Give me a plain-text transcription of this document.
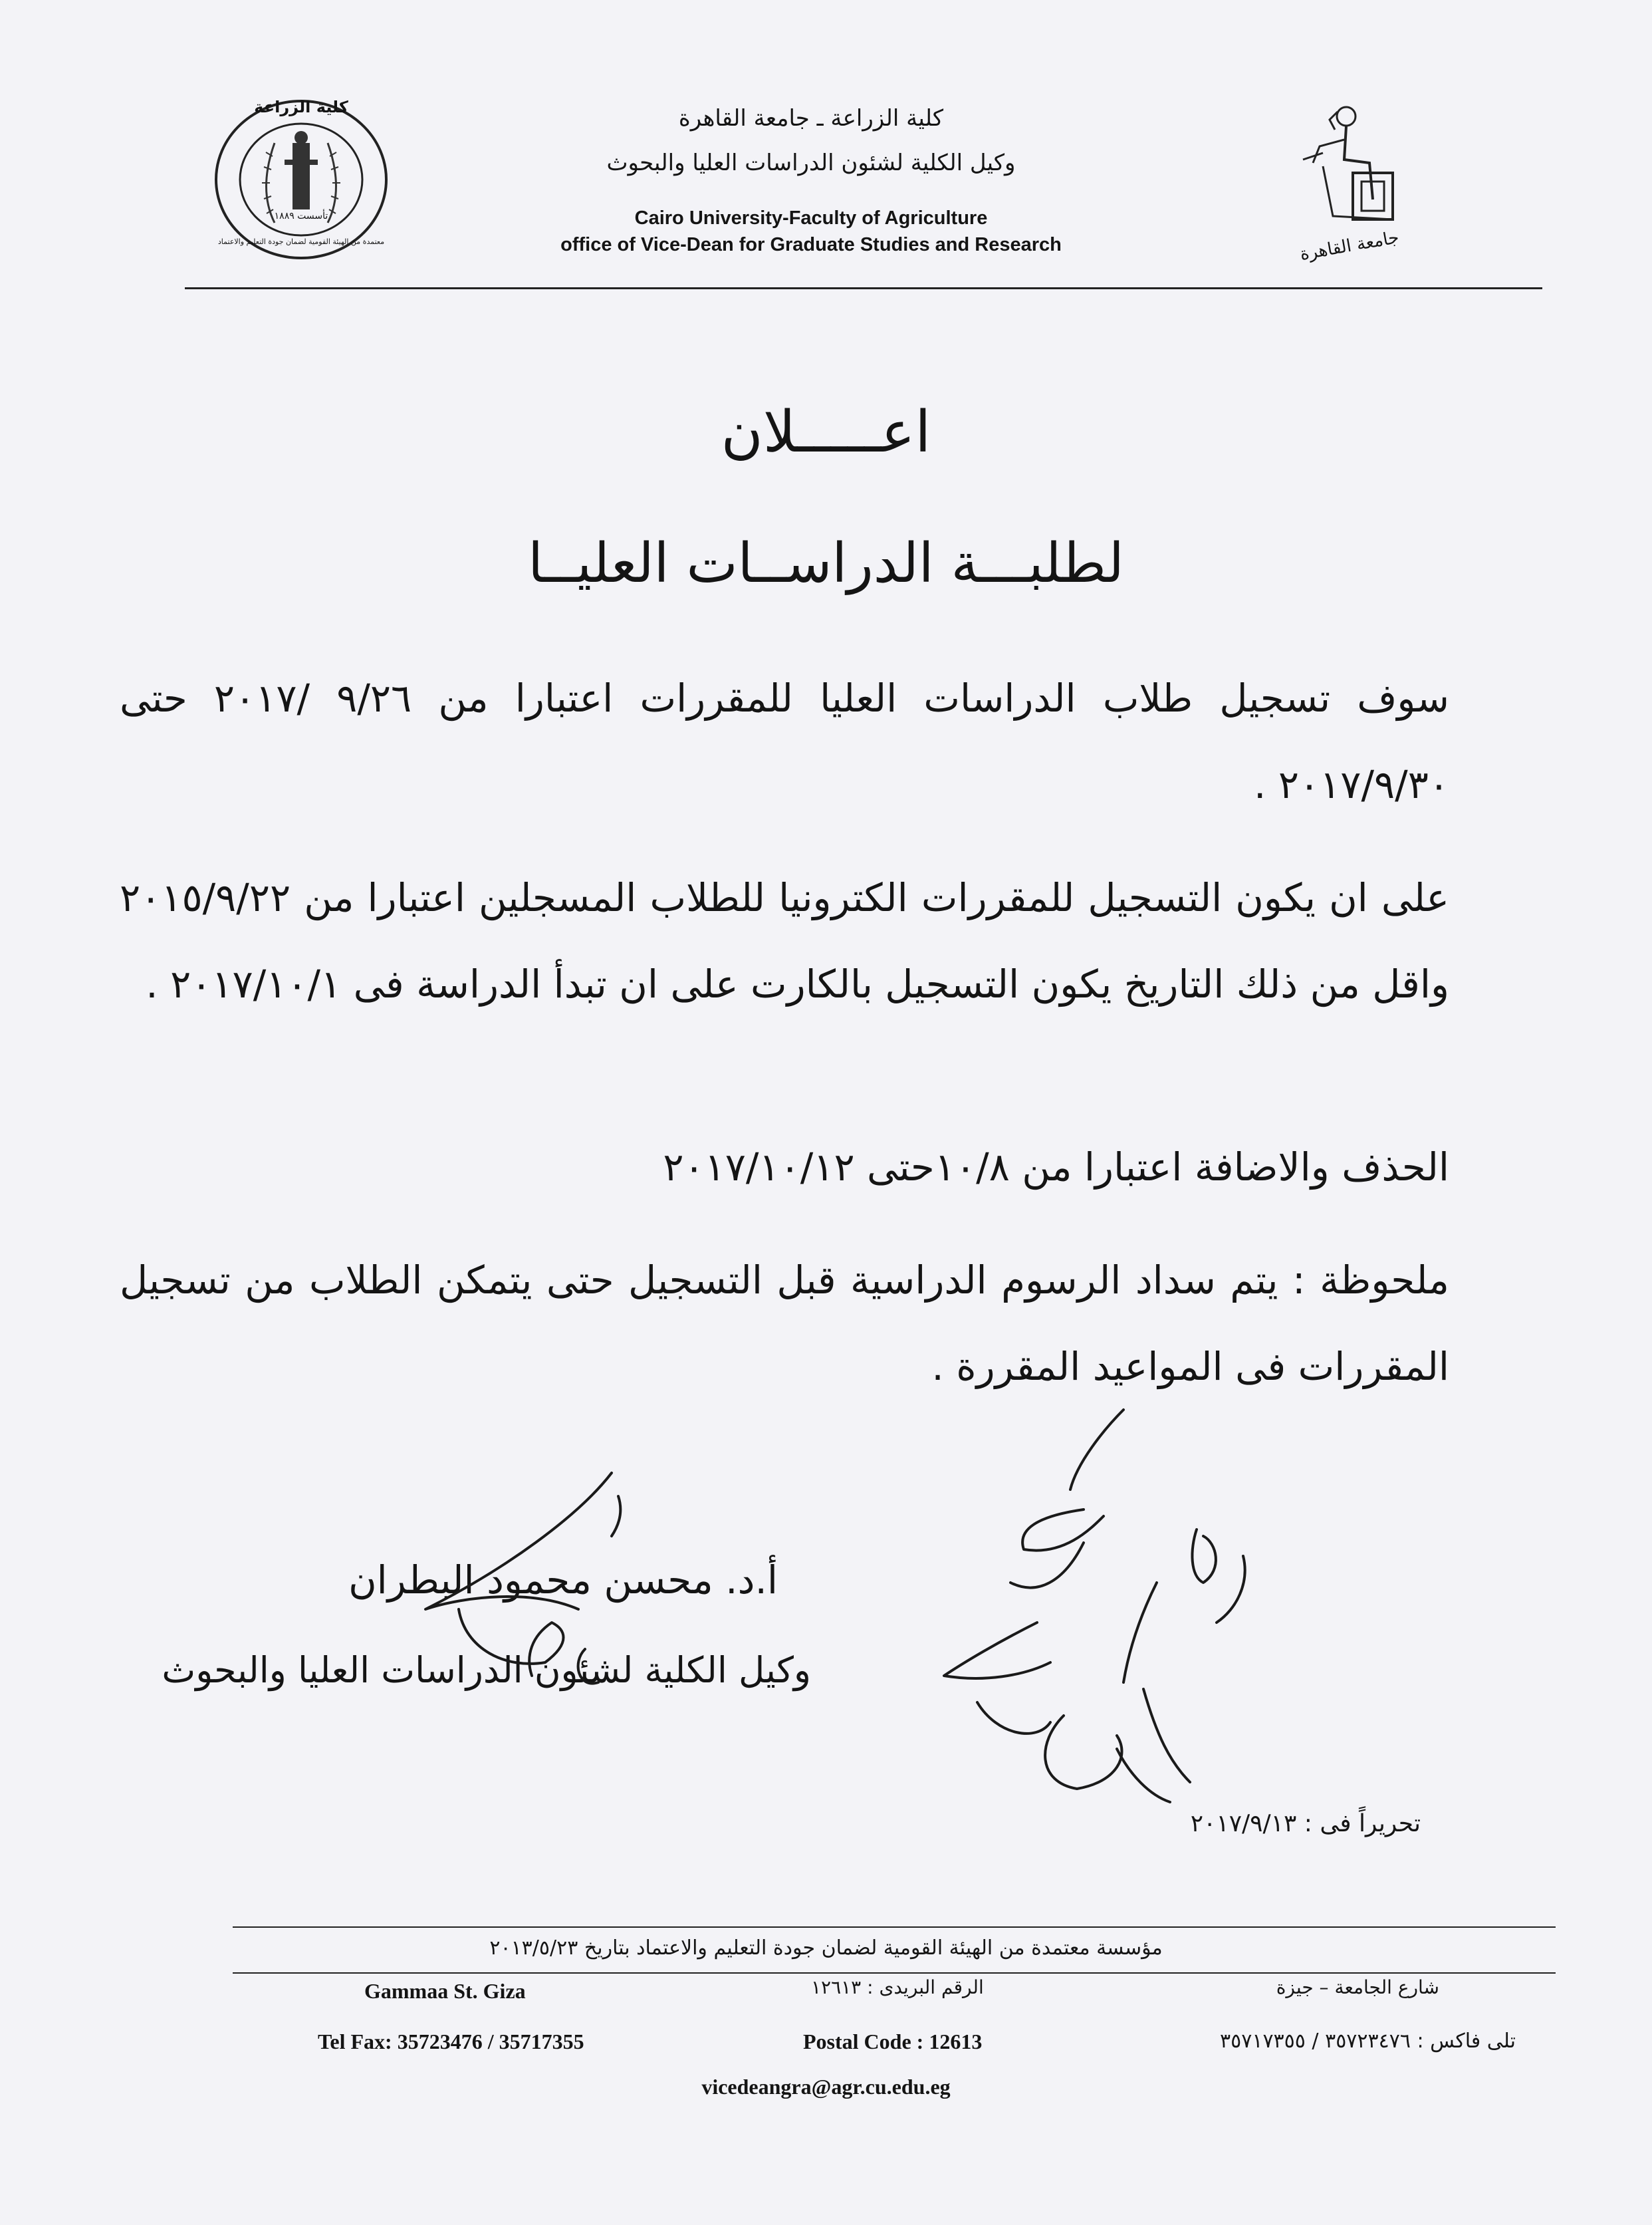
كلية الزراعة
تأسست ١٨٨٩
معتمدة من الهيئة القومية لضمان جودة التعليم والاعتماد
كلية الزراعة ـ جامعة القاهرة
وكيل الكلية لشئون الدراسات العليا والبحوث
Cairo University-Faculty of Agriculture
office of Vice-Dean for Graduate Studies and Research	جامعة القاهرة
اعـــــلان
لطلبـــة الدراســات العليــا
سوف تسجيل طلاب الدراسات العليا للمقررات اعتبارا من ٩/٢٦ /٢٠١٧ حتى ٢٠١٧/٩/٣٠ .
على ان يكون التسجيل للمقررات الكترونيا للطلاب المسجلين اعتبارا من ٢٠١٥/٩/٢٢ واقل من ذلك التاريخ يكون التسجيل بالكارت على ان تبدأ الدراسة فى ٢٠١٧/١٠/١ .
الحذف والاضافة اعتبارا من ١٠/٨حتى ٢٠١٧/١٠/١٢
ملحوظة : يتم سداد الرسوم الدراسية قبل التسجيل حتى يتمكن الطلاب من تسجيل المقررات فى المواعيد المقررة .
أ.د. محسن محمود البطران
وكيل الكلية لشئون الدراسات العليا والبحوث
تحريراً فى : ٢٠١٧/٩/١٣
مؤسسة معتمدة من الهيئة القومية لضمان جودة التعليم والاعتماد بتاريخ ٢٠١٣/٥/٢٣
Gammaa St. Giza	الرقم البريدى : ١٢٦١٣	شارع الجامعة – جيزة
Tel Fax: 35723476 / 35717355	Postal Code : 12613	تلى فاكس : ٣٥٧٢٣٤٧٦ / ٣٥٧١٧٣٥٥
vicedeangra@agr.cu.edu.eg
